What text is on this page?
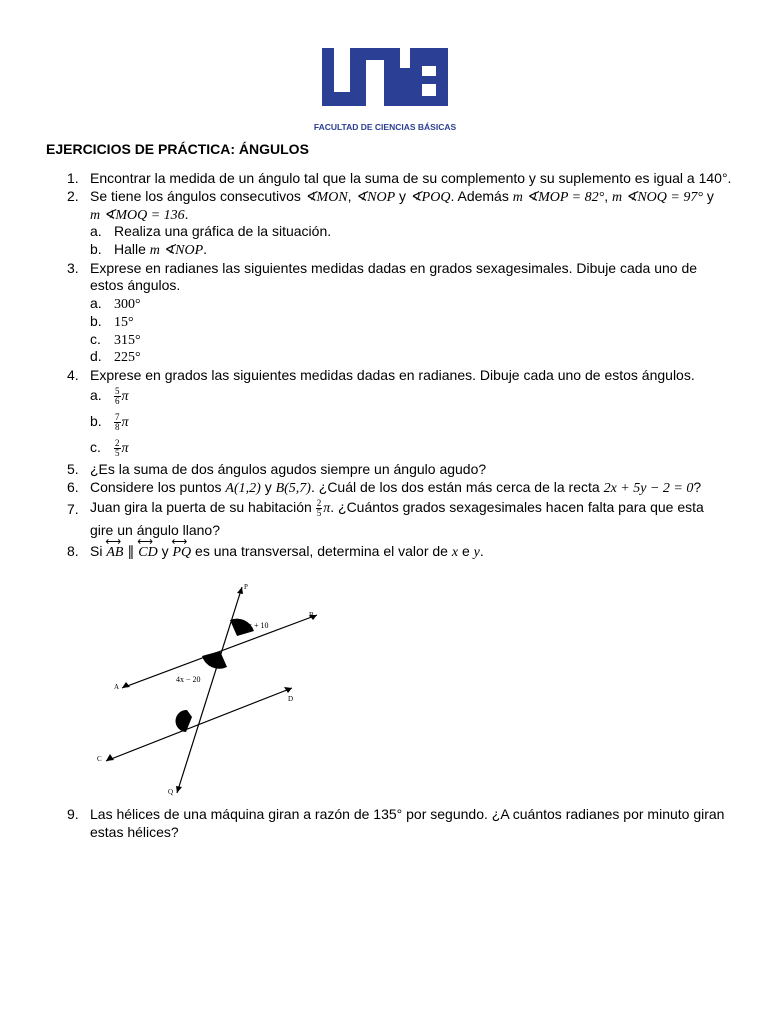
FACULTAD DE CIENCIAS BÁSICAS
EJERCICIOS DE PRÁCTICA: ÁNGULOS
1. Encontrar la medida de un ángulo tal que la suma de su complemento y su suplemento es igual a 140°.
2. Se tiene los ángulos consecutivos ∢MON, ∢NOP y ∢POQ. Además m ∢MOP = 82°, m ∢NOQ = 97° y
m ∢MOQ = 136.
a. Realiza una gráfica de la situación.
b. Halle m ∢NOP.
3. Exprese en radianes las siguientes medidas dadas en grados sexagesimales. Dibuje cada uno de
estos ángulos.
a. 300°
b. 15°
c. 315°
d. 225°
4. Exprese en grados las siguientes medidas dadas en radianes. Dibuje cada uno de estos ángulos.
a. $\frac{5}{6}$ π
b. $\frac{7}{8}$ π
c. $\frac{2}{5}$ π
5. ¿Es la suma de dos ángulos agudos siempre un ángulo agudo?
6. Considere los puntos A(1,2) y B(5,7). ¿Cuál de los dos están más cerca de la recta 2x + 5y − 2 = 0?
7. Juan gira la puerta de su habitación $\frac{2}{5} \pi$. ¿Cuántos grados sexagesimales hacen falta para que esta
gire un ángulo llano?
8. Si ⟷ AB ∥ ⟷ CD y ⟷ PQ es una transversal, determina el valor de x e y.
2x + 10
4x − 20
y
P
B
A
D
C
Q
9. Las hélices de una máquina giran a razón de 135° por segundo. ¿A cuántos radianes por minuto giran
estas hélices?
